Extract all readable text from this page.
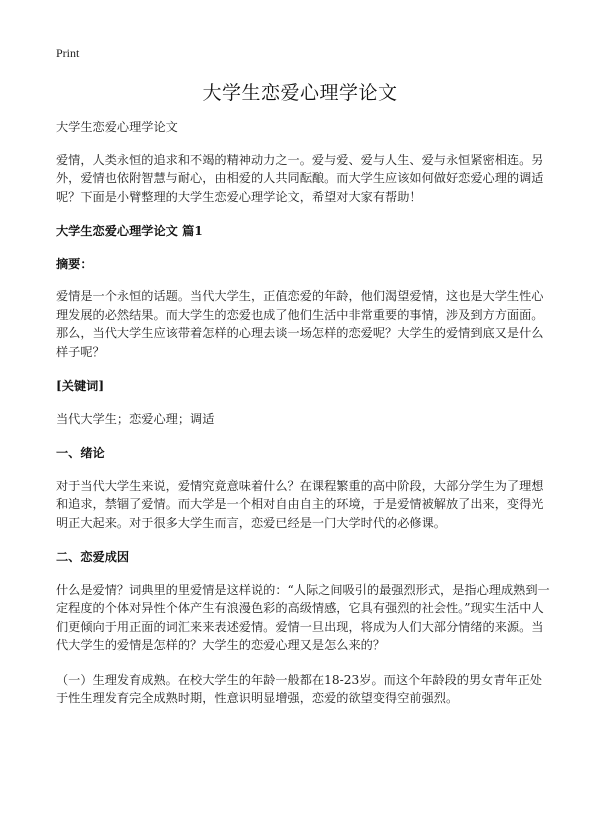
Print
大学生恋爱心理学论文

大学生恋爱心理学论文

爱情，人类永恒的追求和不竭的精神动力之一。爱与爱、爱与人生、爱与永恒紧密相连。另外，爱情也依附智慧与耐心，由相爱的人共同酝酿。而大学生应该如何做好恋爱心理的调适呢？下面是小臂整理的大学生恋爱心理学论文，希望对大家有帮助！

大学生恋爱心理学论文 篇1

摘要：

爱情是一个永恒的话题。当代大学生，正值恋爱的年龄，他们渴望爱情，这也是大学生性心理发展的必然结果。而大学生的恋爱也成了他们生活中非常重要的事情，涉及到方方面面。那么，当代大学生应该带着怎样的心理去谈一场怎样的恋爱呢？大学生的爱情到底又是什么样子呢？

[关键词]

当代大学生；恋爱心理；调适

一、绪论

对于当代大学生来说，爱情究竟意味着什么？在课程繁重的高中阶段，大部分学生为了理想和追求，禁锢了爱情。而大学是一个相对自由自主的环境，于是爱情被解放了出来，变得光明正大起来。对于很多大学生而言，恋爱已经是一门大学时代的必修课。

二、恋爱成因

什么是爱情？词典里的里爱情是这样说的：“人际之间吸引的最强烈形式，是指心理成熟到一定程度的个体对异性个体产生有浪漫色彩的高级情感，它具有强烈的社会性。”现实生活中人们更倾向于用正面的词汇来来表述爱情。爱情一旦出现，将成为人们大部分情绪的来源。当代大学生的爱情是怎样的？大学生的恋爱心理又是怎么来的？

（一）生理发育成熟。在校大学生的年龄一般都在18-23岁。而这个年龄段的男女青年正处于性生理发育完全成熟时期，性意识明显增强，恋爱的欲望变得空前强烈。
